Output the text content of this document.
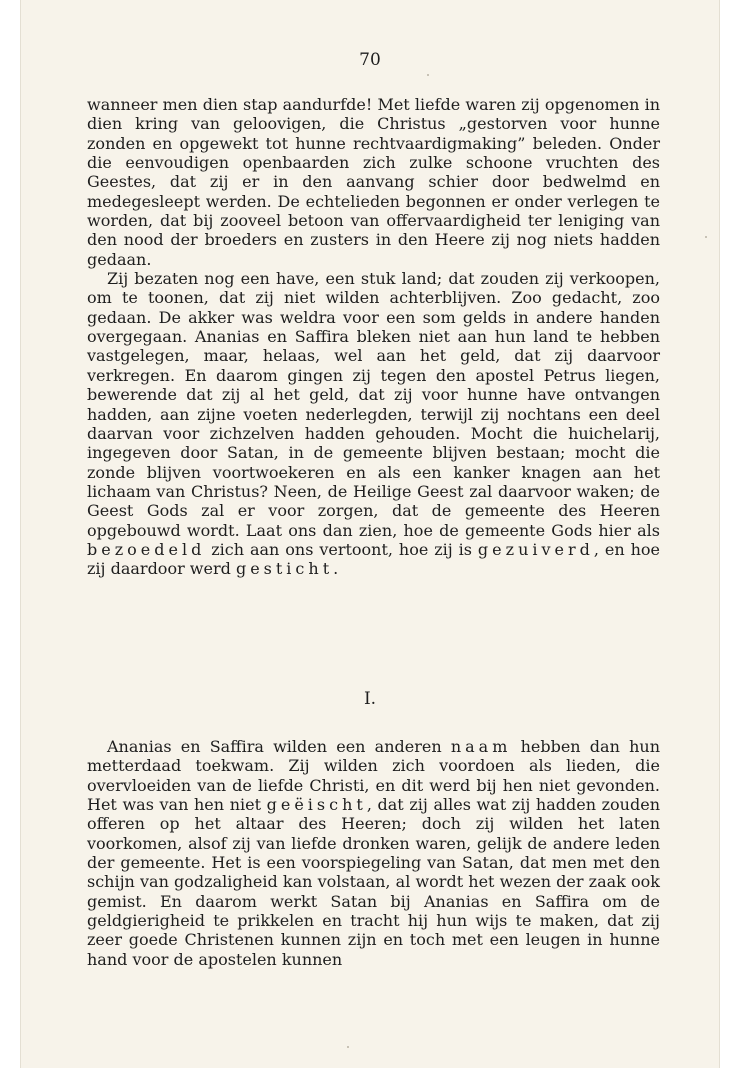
70

wanneer men dien stap aandurfde! Met liefde waren zij opgenomen in dien kring van geloovigen, die Christus „gestorven voor hunne zonden en opgewekt tot hunne rechtvaardigmaking” beleden. Onder die eenvoudigen openbaarden zich zulke schoone vruchten des Geestes, dat zij er in den aanvang schier door bedwelmd en medegesleept werden. De echtelieden begonnen er onder verlegen te worden, dat bij zooveel betoon van offervaardigheid ter leniging van den nood der broeders en zusters in den Heere zij nog niets hadden gedaan.

Zij bezaten nog een have, een stuk land; dat zouden zij verkoopen, om te toonen, dat zij niet wilden achterblijven. Zoo gedacht, zoo gedaan. De akker was weldra voor een som gelds in andere handen overgegaan. Ananias en Saffira bleken niet aan hun land te hebben vastgelegen, maar, helaas, wel aan het geld, dat zij daarvoor verkregen. En daarom gingen zij tegen den apostel Petrus liegen, bewerende dat zij al het geld, dat zij voor hunne have ontvangen hadden, aan zijne voeten nederlegden, terwijl zij nochtans een deel daarvan voor zichzelven hadden gehouden. Mocht die huichelarij, ingegeven door Satan, in de gemeente blijven bestaan; mocht die zonde blijven voortwoekeren en als een kanker knagen aan het lichaam van Christus? Neen, de Heilige Geest zal daarvoor waken; de Geest Gods zal er voor zorgen, dat de gemeente des Heeren opgebouwd wordt. Laat ons dan zien, hoe de gemeente Gods hier als bezoedeld zich aan ons vertoont, hoe zij is gezuiverd, en hoe zij daardoor werd gesticht.

I.

Ananias en Saffira wilden een anderen naam hebben dan hun metterdaad toekwam. Zij wilden zich voordoen als lieden, die overvloeiden van de liefde Christi, en dit werd bij hen niet gevonden. Het was van hen niet geëischt, dat zij alles wat zij hadden zouden offeren op het altaar des Heeren; doch zij wilden het laten voorkomen, alsof zij van liefde dronken waren, gelijk de andere leden der gemeente. Het is een voorspiegeling van Satan, dat men met den schijn van godzaligheid kan volstaan, al wordt het wezen der zaak ook gemist. En daarom werkt Satan bij Ananias en Saffira om de geldgierigheid te prikkelen en tracht hij hun wijs te maken, dat zij zeer goede Christenen kunnen zijn en toch met een leugen in hunne hand voor de apostelen kunnen
